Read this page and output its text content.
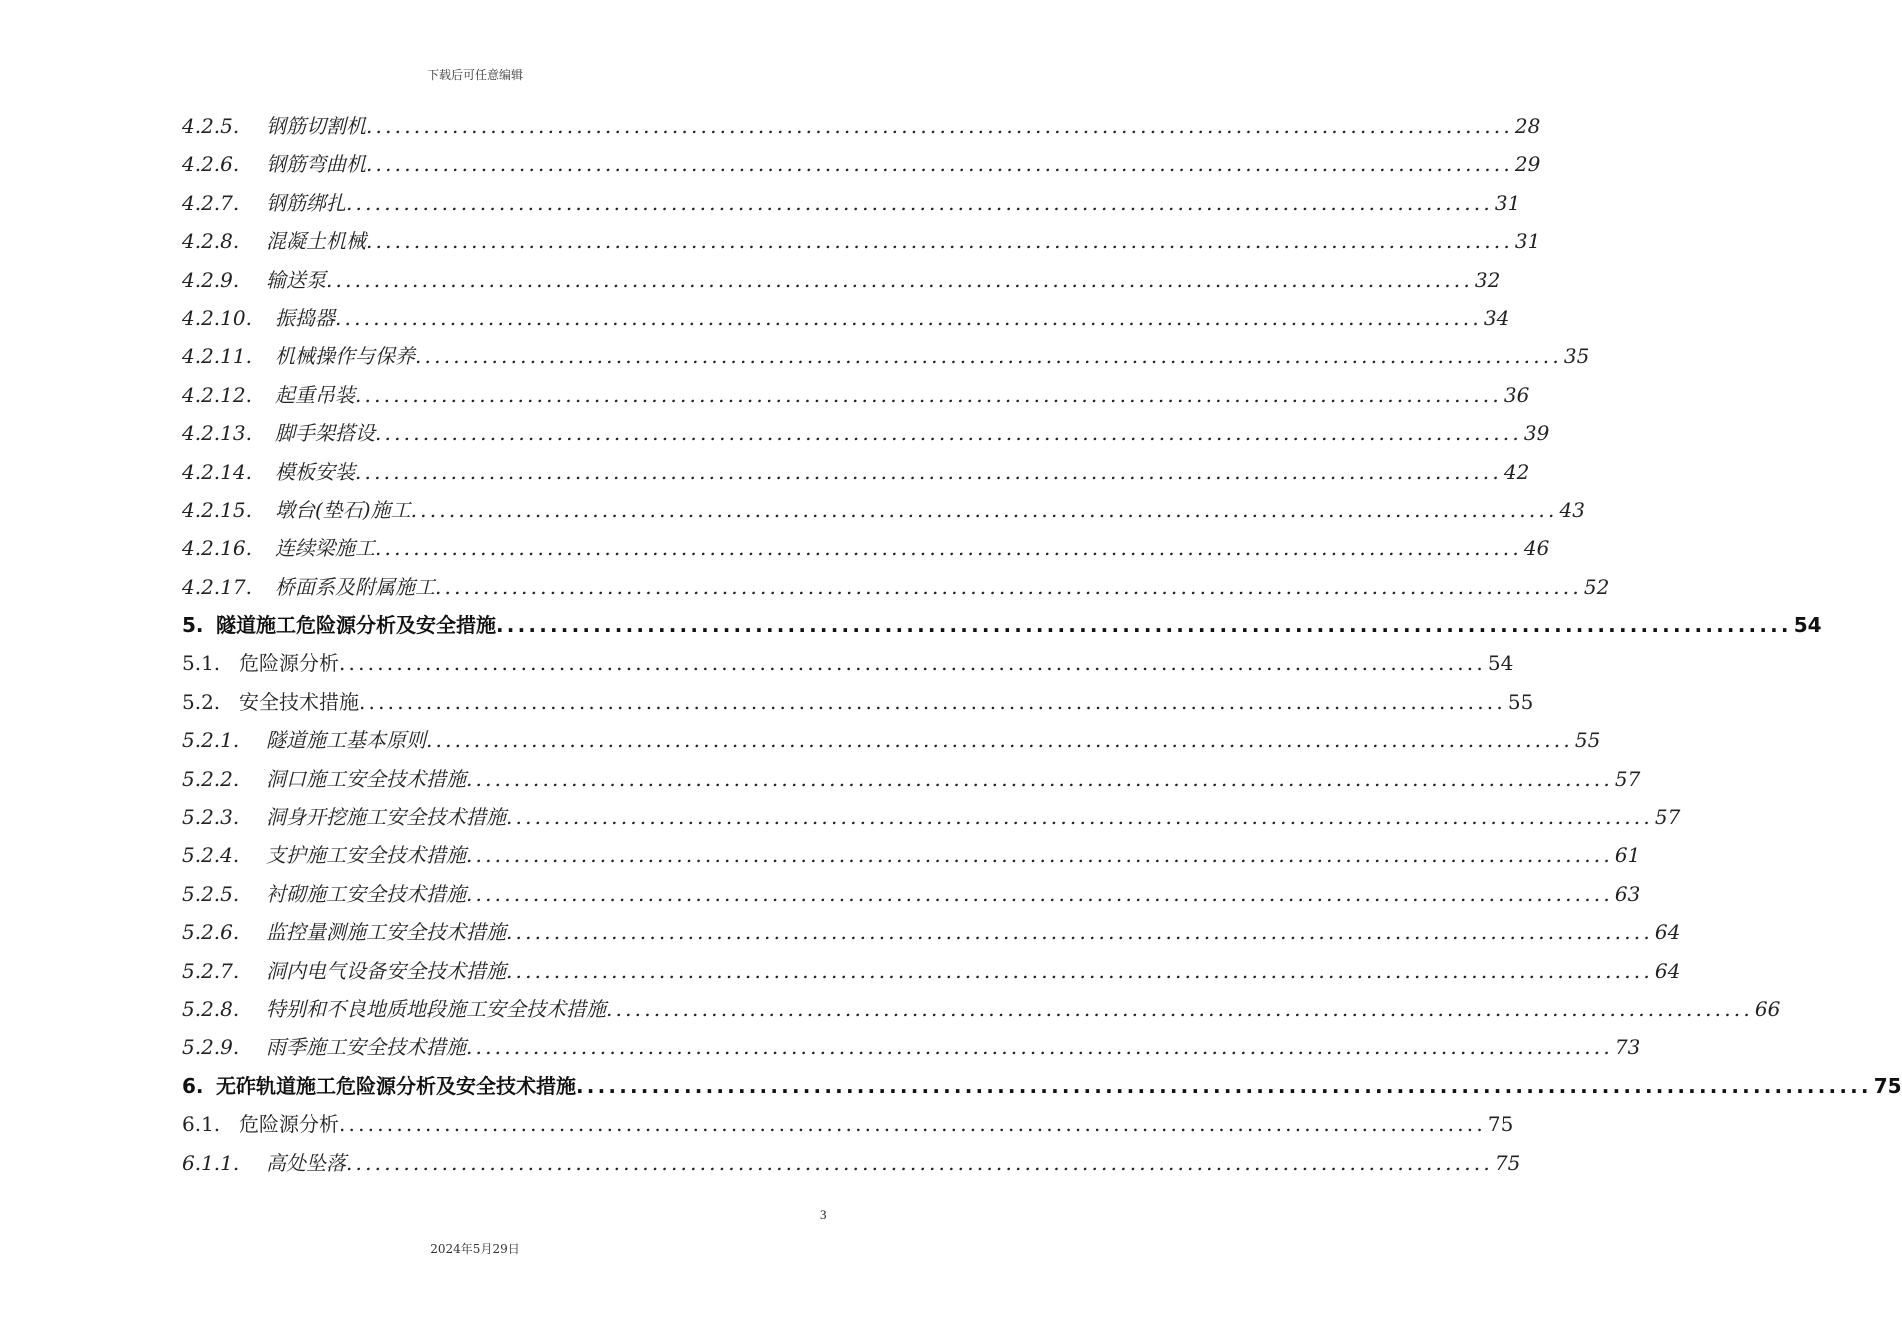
下载后可任意编辑
4.2.5.	钢筋切割机 ........................................................................................................................ 28
4.2.6.	钢筋弯曲机 ........................................................................................................................ 29
4.2.7.	钢筋绑扎 ........................................................................................................................ 31
4.2.8.	混凝土机械 ........................................................................................................................ 31
4.2.9.	输送泵 ........................................................................................................................ 32
4.2.10.	振捣器 ........................................................................................................................ 34
4.2.11.	机械操作与保养 ........................................................................................................................ 35
4.2.12.	起重吊装 ........................................................................................................................ 36
4.2.13.	脚手架搭设 ........................................................................................................................ 39
4.2.14.	模板安装 ........................................................................................................................ 42
4.2.15.	墩台(垫石)施工 ........................................................................................................................ 43
4.2.16.	连续梁施工 ........................................................................................................................ 46
4.2.17.	桥面系及附属施工 ........................................................................................................................ 52
5. 隧道施工危险源分析及安全措施 ........................................................................................................................ 54
5.1. 危险源分析 ........................................................................................................................ 54
5.2. 安全技术措施 ........................................................................................................................ 55
5.2.1.	隧道施工基本原则 ........................................................................................................................ 55
5.2.2.	洞口施工安全技术措施 ........................................................................................................................ 57
5.2.3.	洞身开挖施工安全技术措施 ........................................................................................................................ 57
5.2.4.	支护施工安全技术措施 ........................................................................................................................ 61
5.2.5.	衬砌施工安全技术措施 ........................................................................................................................ 63
5.2.6.	监控量测施工安全技术措施 ........................................................................................................................ 64
5.2.7.	洞内电气设备安全技术措施 ........................................................................................................................ 64
5.2.8.	特别和不良地质地段施工安全技术措施 ........................................................................................................................ 66
5.2.9.	雨季施工安全技术措施 ........................................................................................................................ 73
6. 无砟轨道施工危险源分析及安全技术措施 ........................................................................................................................ 75
6.1. 危险源分析 ........................................................................................................................ 75
6.1.1.	高处坠落 ........................................................................................................................ 75
3
2024年5月29日
